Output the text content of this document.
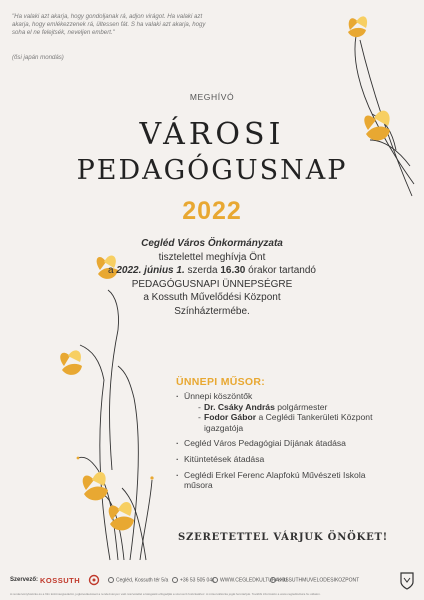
"Ha valaki azt akarja, hogy gondoljanak rá, adjon virágot. Ha valaki azt akarja, hogy emlékezzenek rá, ültessen fát. S ha valaki azt akarja, hogy soha el ne felejtsék, neveljen embert."
(ősi japán mondás)
MEGHÍVÓ
VÁROSI
PEDAGÓGUSNAP
2022
Cegléd Város Önkormányzata
tisztelettel meghívja Önt
a 2022. június 1. szerda 16.30 órakor tartandó
PEDAGÓGUSNAPI ÜNNEPSÉGRE
a Kossuth Művelődési Központ
Színháztermébe.
ÜNNEPI MŰSOR:
· Ünnepi köszöntők
- Dr. Csáky András polgármester
- Fodor Gábor a Ceglédi Tankerületi Központ igazgatója
· Cegléd Város Pedagógiai Díjának átadása
· Kitüntetések átadása
· Ceglédi Erkel Ferenc Alapfokú Művészeti Iskola műsora
SZERETETTEL VÁRJUK ÖNÖKET!
Szervező: KOSSUTH	Cegléd, Kossuth tér 5/a	+36 53 505 041	WWW.CEGLEDKULTURA.HU
KOSSUTHMUVELODESIKOZPONT
A rendezvényfotózás és a film közönségvédelmi, jogkövetkezéseit a rendezvényen való részvétellel a látogatók elfogadják a szervező fotózásához. A műsorváltozás jogát fenntartjuk. További információ a www.cegledkultura.hu oldalon.
